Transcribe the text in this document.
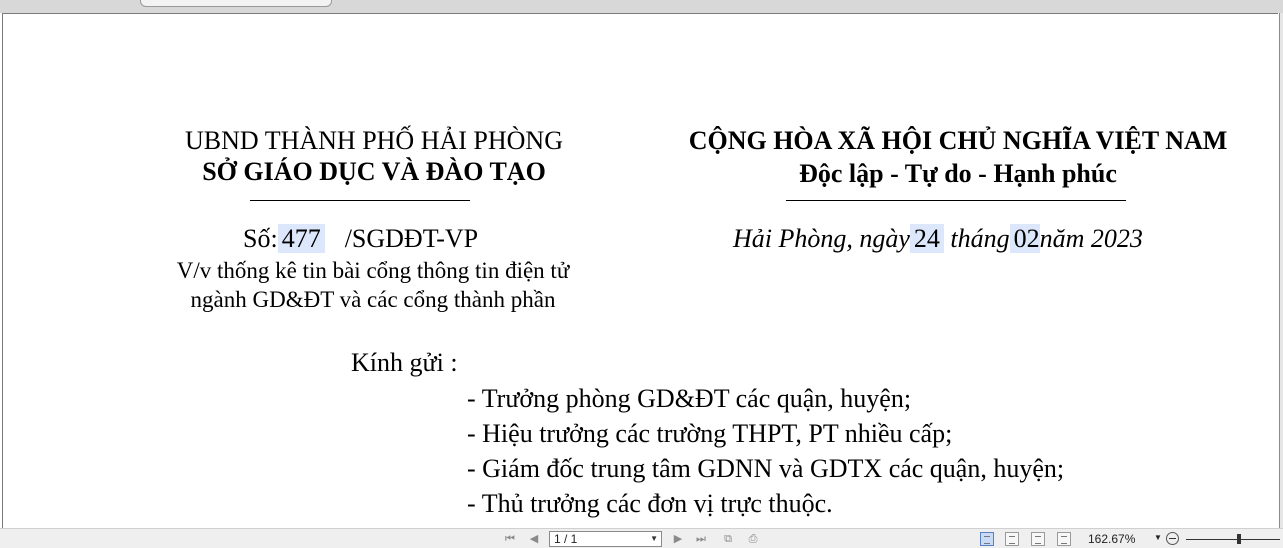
UBND THÀNH PHỐ HẢI PHÒNG
SỞ GIÁO DỤC VÀ ĐÀO TẠO
CỘNG HÒA XÃ HỘI CHỦ NGHĨA VIỆT NAM
Độc lập - Tự do - Hạnh phúc
Số: 477 /SGDĐT-VP	Hải Phòng, ngày 24 tháng 02năm 2023
V/v thống kê tin bài cổng thông tin điện tử
ngành GD&ĐT và các cổng thành phần
Kính gửi :
- Trưởng phòng GD&ĐT các quận, huyện;
- Hiệu trưởng các trường THPT, PT nhiều cấp;
- Giám đốc trung tâm GDNN và GDTX các quận, huyện;
- Thủ trưởng các đơn vị trực thuộc.
⏮ ◀	1 / 1	▼ ▶ ⏭ ⧉ ⎙	162.67% ▼
